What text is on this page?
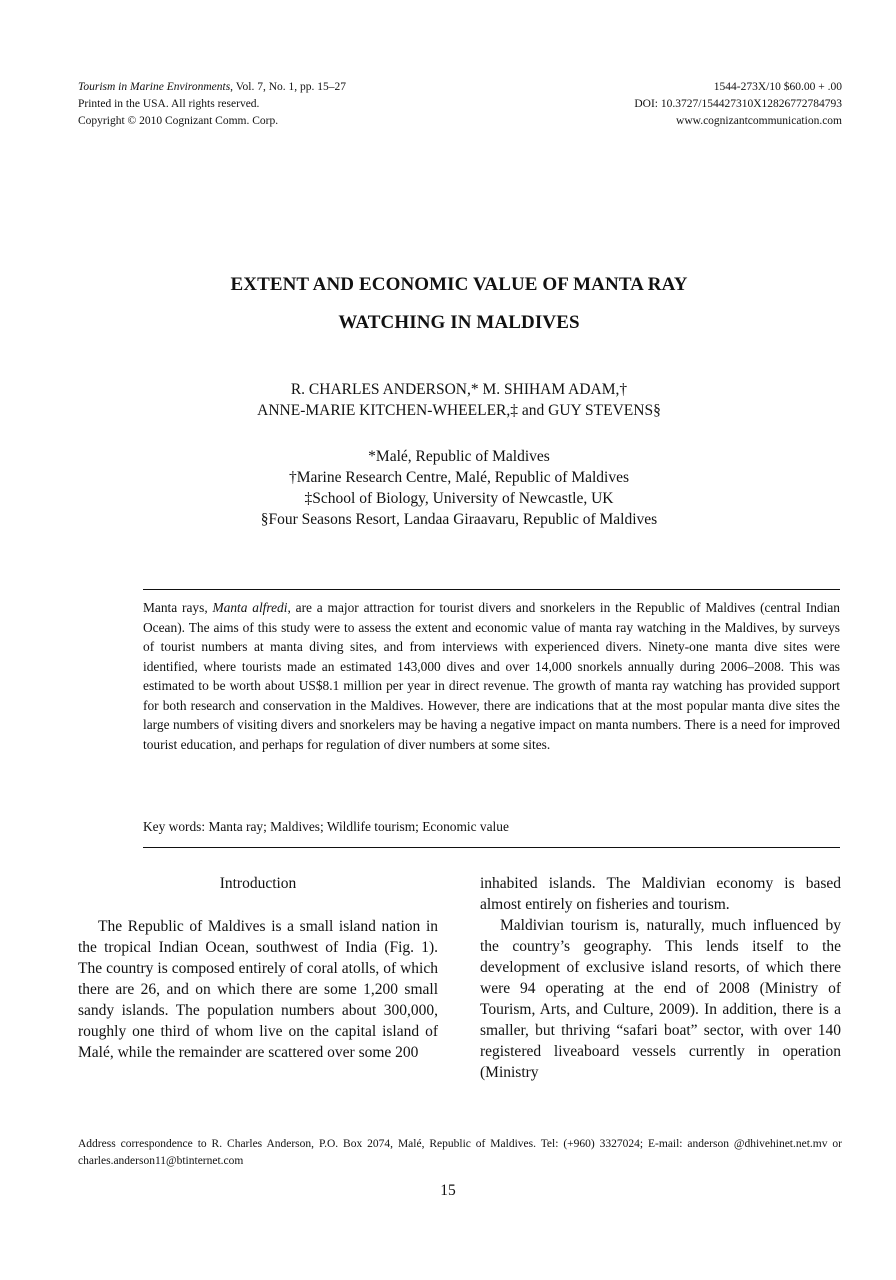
Tourism in Marine Environments, Vol. 7, No. 1, pp. 15–27
Printed in the USA. All rights reserved.
Copyright © 2010 Cognizant Comm. Corp.
1544-273X/10 $60.00 + .00
DOI: 10.3727/154427310X12826772784793
www.cognizantcommunication.com
EXTENT AND ECONOMIC VALUE OF MANTA RAY
WATCHING IN MALDIVES
R. CHARLES ANDERSON,* M. SHIHAM ADAM,†
ANNE-MARIE KITCHEN-WHEELER,‡ and GUY STEVENS§
*Malé, Republic of Maldives
†Marine Research Centre, Malé, Republic of Maldives
‡School of Biology, University of Newcastle, UK
§Four Seasons Resort, Landaa Giraavaru, Republic of Maldives
Manta rays, Manta alfredi, are a major attraction for tourist divers and snorkelers in the Republic of Maldives (central Indian Ocean). The aims of this study were to assess the extent and economic value of manta ray watching in the Maldives, by surveys of tourist numbers at manta diving sites, and from interviews with experienced divers. Ninety-one manta dive sites were identified, where tourists made an estimated 143,000 dives and over 14,000 snorkels annually during 2006–2008. This was estimated to be worth about US$8.1 million per year in direct revenue. The growth of manta ray watching has provided support for both research and conservation in the Maldives. However, there are indications that at the most popular manta dive sites the large numbers of visiting divers and snorkelers may be having a negative impact on manta numbers. There is a need for improved tourist education, and perhaps for regulation of diver numbers at some sites.
Key words: Manta ray; Maldives; Wildlife tourism; Economic value

Introduction

The Republic of Maldives is a small island nation in the tropical Indian Ocean, southwest of India (Fig. 1). The country is composed entirely of coral atolls, of which there are 26, and on which there are some 1,200 small sandy islands. The population numbers about 300,000, roughly one third of whom live on the capital island of Malé, while the remainder are scattered over some 200

inhabited islands. The Maldivian economy is based almost entirely on fisheries and tourism.

Maldivian tourism is, naturally, much influenced by the country’s geography. This lends itself to the development of exclusive island resorts, of which there were 94 operating at the end of 2008 (Ministry of Tourism, Arts, and Culture, 2009). In addition, there is a smaller, but thriving “safari boat” sector, with over 140 registered liveaboard vessels currently in operation (Ministry

Address correspondence to R. Charles Anderson, P.O. Box 2074, Malé, Republic of Maldives. Tel: (+960) 3327024; E-mail: anderson @dhivehinet.net.mv or charles.anderson11@btinternet.com
15
